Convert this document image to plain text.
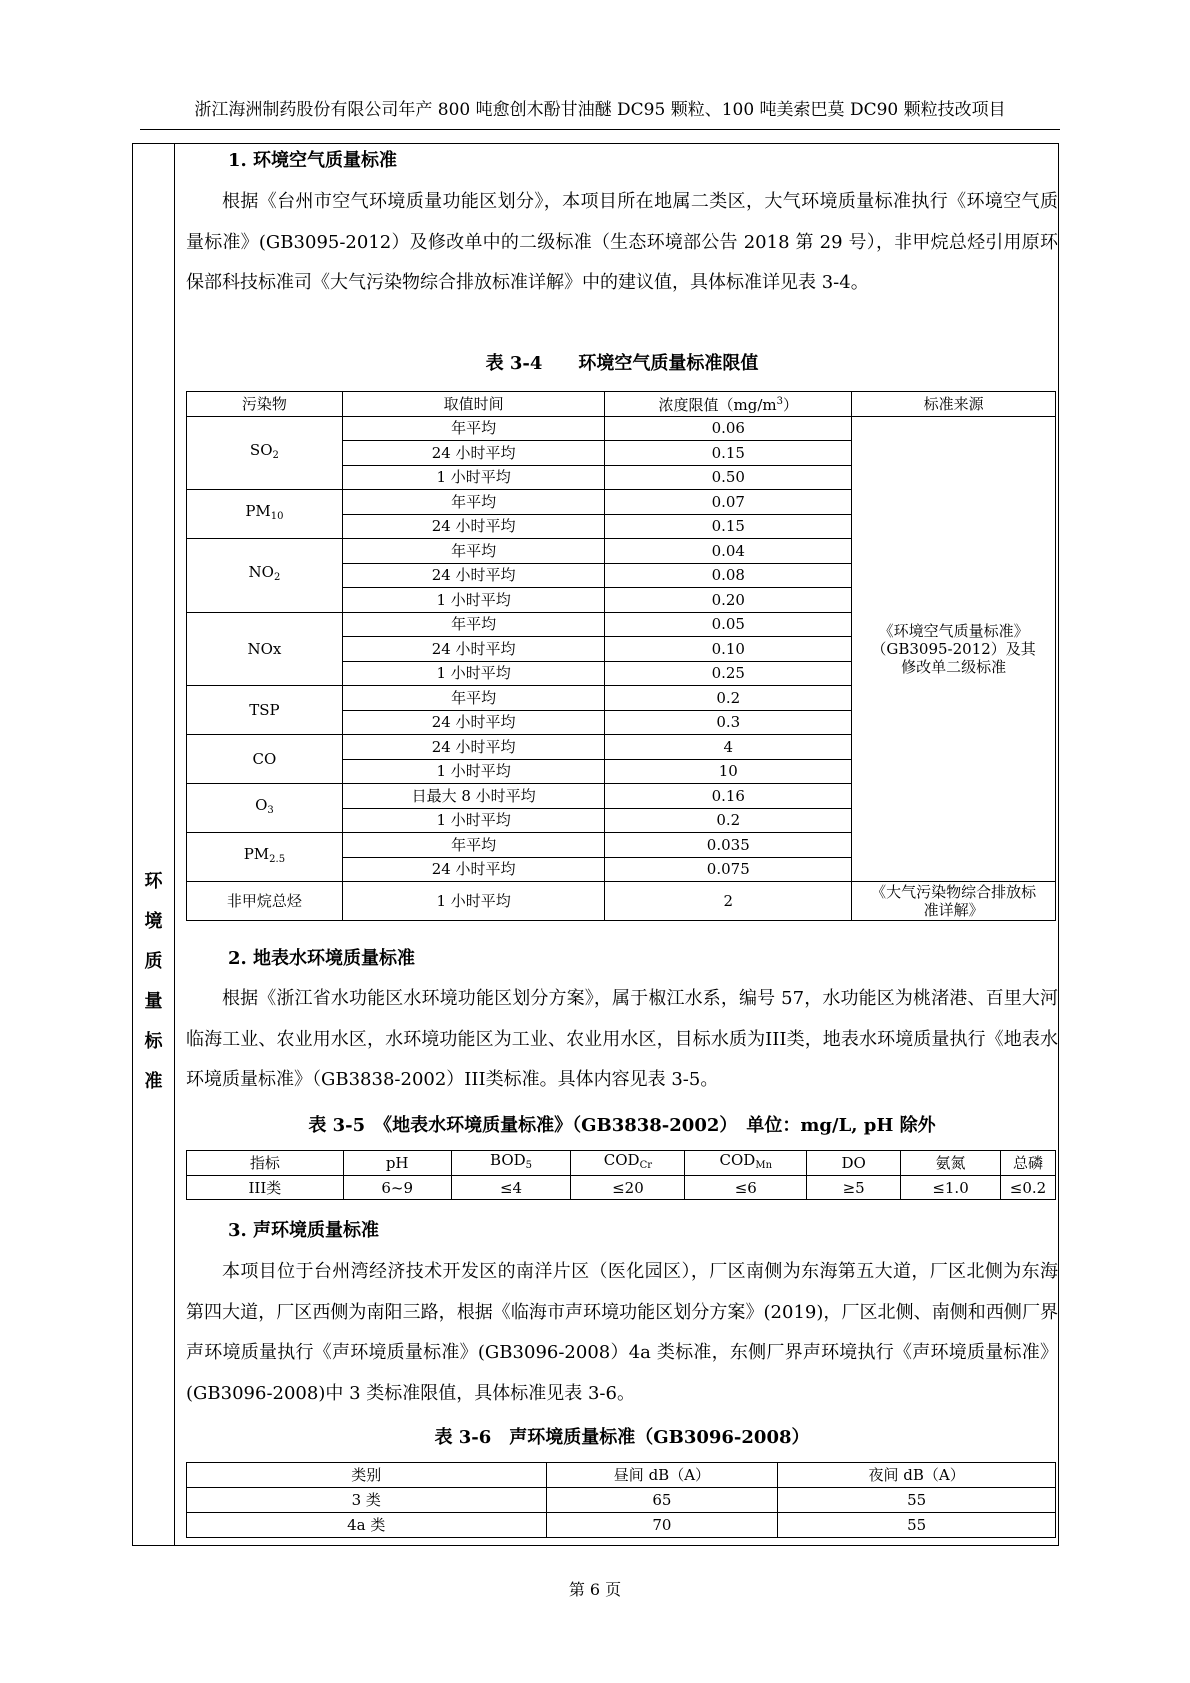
浙江海洲制药股份有限公司年产 800 吨愈创木酚甘油醚 DC95 颗粒、100 吨美索巴莫 DC90 颗粒技改项目
环
境
质
量
标
准
1. 环境空气质量标准

根据《台州市空气环境质量功能区划分》，本项目所在地属二类区，大气环境质量标准执行《环境空气质量标准》(GB3095-2012）及修改单中的二级标准（生态环境部公告 2018 第 29 号），非甲烷总烃引用原环保部科技标准司《大气污染物综合排放标准详解》中的建议值，具体标准详见表 3-4。

表 3-4　　环境空气质量标准限值
污染物	取值时间	浓度限值$(mg/m^3)$	标准来源
$SO_2$	年平均	0.06	《环境空气质量标准》（GB3095-2012）及其修改单二级标准
	24 小时平均	0.15	
	1 小时平均	0.50	
$PM_{10}$	年平均	0.07	
	24 小时平均	0.15	
$NO_2$	年平均	0.04	
	24 小时平均	0.08	
	1 小时平均	0.20	
NOx	年平均	0.05	
	24 小时平均	0.10	
	1 小时平均	0.25	
TSP	年平均	0.2	
	24 小时平均	0.3	
CO	24 小时平均	4	
	1 小时平均	10	
$O_3$	日最大 8 小时平均	0.16	
	1 小时平均	0.2	
$PM_{2.5}$	年平均	0.035	
	24 小时平均	0.075	
非甲烷总烃	1 小时平均	2	《大气污染物综合排放标准详解》
2. 地表水环境质量标准

根据《浙江省水功能区水环境功能区划分方案》，属于椒江水系，编号 57，水功能区为桃渚港、百里大河临海工业、农业用水区，水环境功能区为工业、农业用水区，目标水质为III类，地表水环境质量执行《地表水环境质量标准》（GB3838-2002）III类标准。具体内容见表 3-5。

表 3-5　《地表水环境质量标准》（GB3838-2002）　单位：mg/L, pH 除外
指标	pH	$BOD_5$	$COD_{Cr}$	$COD_{Mn}$	DO	氨氮	总磷
III类	6~9	≤4	≤20	≤6	≥5	≤1.0	≤0.2
3. 声环境质量标准

本项目位于台州湾经济技术开发区的南洋片区（医化园区），厂区南侧为东海第五大道，厂区北侧为东海第四大道，厂区西侧为南阳三路，根据《临海市声环境功能区划分方案》(2019)，厂区北侧、南侧和西侧厂界声环境质量执行《声环境质量标准》(GB3096-2008）4a 类标准，东侧厂界声环境执行《声环境质量标准》(GB3096-2008)中 3 类标准限值，具体标准见表 3-6。

表 3-6　声环境质量标准（GB3096-2008）
类别	昼间 dB（A）	夜间 dB（A）
3 类	65	55
4a 类	70	55
第 6 页
